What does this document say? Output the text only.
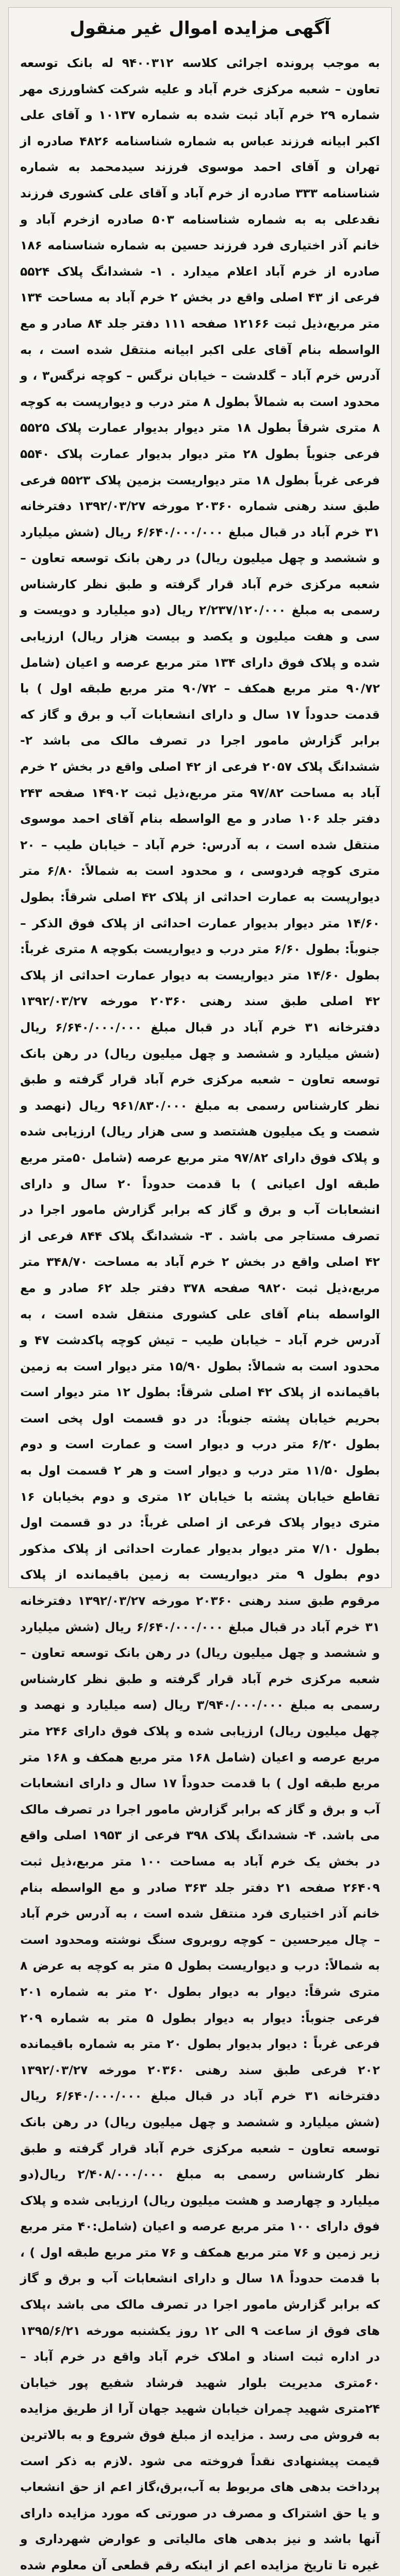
آگهی مزایده اموال غیر منقول

به موجب پرونده اجرائی کلاسه ۹۴۰۰۳۱۲ له بانک توسعه تعاون – شعبه مرکزی خرم آباد و علیه شرکت کشاورزی مهر شماره ۲۹ خرم آباد ثبت شده به شماره ۱۰۱۳۷ و آقای علی اکبر ابیانه فرزند عباس به شماره شناسنامه ۴۸۲۶ صادره از تهران و آقای احمد موسوی فرزند سیدمحمد به شماره شناسنامه ۳۳۳ صادره از خرم آباد و آقای علی کشوری فرزند نقدعلی به به شماره شناسنامه ۵۰۳ صادره ازخرم آباد و خانم آذر اختیاری فرد فرزند حسین به شماره شناسنامه ۱۸۶ صادره از خرم آباد اعلام میدارد . ۱- ششدانگ پلاک ۵۵۲۴ فرعی از ۴۳ اصلی واقع در بخش ۲ خرم آباد به مساحت ۱۳۴ متر مربع،ذیل ثبت ۱۲۱۶۶ صفحه ۱۱۱ دفتر جلد ۸۴ صادر و مع الواسطه بنام آقای علی اکبر ابیانه منتقل شده است ، به آدرس خرم آباد – گلدشت – خیابان نرگس – کوچه نرگس۳ ، و محدود است به شمالاً بطول ۸ متر درب و دیوارپست به کوچه ۸ متری شرقاً بطول ۱۸ متر دیوار بدیوار عمارت پلاک ۵۵۲۵ فرعی جنوباً بطول ۲۸ متر دیوار بدیوار عمارت پلاک ۵۵۴۰ فرعی غرباً بطول ۱۸ متر دیواریست بزمین پلاک ۵۵۲۳ فرعی طبق سند رهنی شماره ۲۰۳۶۰ مورخه ۱۳۹۲/۰۳/۲۷ دفترخانه ۳۱ خرم آباد در قبال مبلغ ۶/۶۴۰/۰۰۰/۰۰۰ ریال (شش میلیارد و ششصد و چهل میلیون ریال) در رهن بانک توسعه تعاون – شعبه مرکزی خرم آباد قرار گرفته و طبق نظر کارشناس رسمی به مبلغ ۲/۲۳۷/۱۲۰/۰۰۰ ریال (دو میلیارد و دویست و سی و هفت میلیون و یکصد و بیست هزار ریال) ارزیابی شده و پلاک فوق دارای ۱۳۴ متر مربع عرصه و اعیان (شامل ۹۰/۷۲ متر مربع همکف – ۹۰/۷۲ متر مربع طبقه اول ) با قدمت حدوداً ۱۷ سال و دارای انشعابات آب و برق و گاز که برابر گزارش مامور اجرا در تصرف مالک می باشد ۲- ششدانگ پلاک ۲۰۵۷ فرعی از ۴۲ اصلی واقع در بخش ۲ خرم آباد به مساحت ۹۷/۸۲ متر مربع،ذیل ثبت ۱۴۹۰۲ صفحه ۲۴۳ دفتر جلد ۱۰۶ صادر و مع الواسطه بنام آقای احمد موسوی منتقل شده است ، به آدرس: خرم آباد – خیابان طیب – ۲۰ متری کوچه فردوسی ، و محدود است به شمالاً: ۶/۸۰ متر دیوارپست به عمارت احداثی از پلاک ۴۲ اصلی شرقاً: بطول ۱۴/۶۰ متر دیوار بدیوار عمارت احداثی از پلاک فوق الذکر – جنوباً: بطول ۶/۶۰ متر درب و دیواریست بکوچه ۸ متری غرباً: بطول ۱۴/۶۰ متر دیواریست به دیوار عمارت احداثی از پلاک ۴۲ اصلی طبق سند رهنی ۲۰۳۶۰ مورخه ۱۳۹۲/۰۳/۲۷ دفترخانه ۳۱ خرم آباد در قبال مبلغ ۶/۶۴۰/۰۰۰/۰۰۰ ریال (شش میلیارد و ششصد و چهل میلیون ریال) در رهن بانک توسعه تعاون – شعبه مرکزی خرم آباد قرار گرفته و طبق نظر کارشناس رسمی به مبلغ ۹۶۱/۸۳۰/۰۰۰ ریال (نهصد و شصت و یک میلیون هشتصد و سی هزار ریال) ارزیابی شده و پلاک فوق دارای ۹۷/۸۲ متر مربع عرصه (شامل ۵۰متر مربع طبقه اول اعیانی ) با قدمت حدوداً ۲۰ سال و دارای انشعابات آب و برق و گاز که برابر گزارش مامور اجرا در تصرف مستاجر می باشد . ۳- ششدانگ پلاک ۸۴۴ فرعی از ۴۲ اصلی واقع در بخش ۲ خرم آباد به مساحت ۳۴۸/۷۰ متر مربع،ذیل ثبت ۹۸۲۰ صفحه ۳۷۸ دفتر جلد ۶۲ صادر و مع الواسطه بنام آقای علی کشوری منتقل شده است ، به آدرس خرم آباد – خیابان طیب – تیش کوچه پاکدشت ۴۷ و محدود است به شمالاً: بطول ۱۵/۹۰ متر دیوار است به زمین باقیمانده از پلاک ۴۲ اصلی شرقاً: بطول ۱۲ متر دیوار است بحریم خیابان پشته جنوباً: در دو قسمت اول پخی است بطول ۶/۲۰ متر درب و دیوار است و عمارت است و دوم بطول ۱۱/۵۰ متر درب و دیوار است و هر ۲ قسمت اول به تقاطع خیابان پشته با خیابان ۱۲ متری و دوم بخیابان ۱۶ متری دیوار پلاک فرعی از اصلی غرباً: در دو قسمت اول بطول ۷/۱۰ متر دیوار بدیوار عمارت احداثی از پلاک مذکور دوم بطول ۹ متر دیواریست به زمین باقیمانده از پلاک مرقوم طبق سند رهنی ۲۰۳۶۰ مورخه ۱۳۹۲/۰۳/۲۷ دفترخانه ۳۱ خرم آباد در قبال مبلغ ۶/۶۴۰/۰۰۰/۰۰۰ ریال (شش میلیارد و ششصد و چهل میلیون ریال) در رهن بانک توسعه تعاون – شعبه مرکزی خرم آباد قرار گرفته و طبق نظر کارشناس رسمی به مبلغ ۳/۹۴۰/۰۰۰/۰۰۰ ریال (سه میلیارد و نهصد و چهل میلیون ریال) ارزیابی شده و پلاک فوق دارای ۲۴۶ متر مربع عرصه و اعیان (شامل ۱۶۸ متر مربع همکف و ۱۶۸ متر مربع طبقه اول ) با قدمت حدوداً ۱۷ سال و دارای انشعابات آب و برق و گاز که برابر گزارش مامور اجرا در تصرف مالک می باشد. ۴- ششدانگ پلاک ۳۹۸ فرعی از ۱۹۵۳ اصلی واقع در بخش یک خرم آباد به مساحت ۱۰۰ متر مربع،ذیل ثبت ۲۶۴۰۹ صفحه ۲۱ دفتر جلد ۳۶۳ صادر و مع الواسطه بنام خانم آذر اختیاری فرد منتقل شده است ، به آدرس خرم آباد – چال میرحسین – کوچه روبروی سنگ نوشته ومحدود است به شمالاً: درب و دیواریست بطول ۵ متر به کوچه به عرض ۸ متری شرقاً: دیوار به دیوار بطول ۲۰ متر به شماره ۲۰۱ فرعی جنوباً: دیوار به دیوار بطول ۵ متر به شماره ۲۰۹ فرعی غرباً : دیوار بدیوار بطول ۲۰ متر به شماره باقیمانده ۲۰۲ فرعی طبق سند رهنی ۲۰۳۶۰ مورخه ۱۳۹۲/۰۳/۲۷ دفترخانه ۳۱ خرم آباد در قبال مبلغ ۶/۶۴۰/۰۰۰/۰۰۰ ریال (شش میلیارد و ششصد و چهل میلیون ریال) در رهن بانک توسعه تعاون – شعبه مرکزی خرم آباد قرار گرفته و طبق نظر کارشناس رسمی به مبلغ ۲/۴۰۸/۰۰۰/۰۰۰ ریال(دو میلیارد و چهارصد و هشت میلیون ریال) ارزیابی شده و پلاک فوق دارای ۱۰۰ متر مربع عرصه و اعیان (شامل:۴۰ متر مربع زیر زمین و ۷۶ متر مربع همکف و ۷۶ متر مربع طبقه اول ) ، با قدمت حدوداً ۱۸ سال و دارای انشعابات آب و برق و گاز که برابر گزارش مامور اجرا در تصرف مالک می باشد ،پلاک های فوق از ساعت ۹ الی ۱۲ روز یکشنبه مورخه ۱۳۹۵/۶/۲۱ در اداره ثبت اسناد و املاک خرم آباد واقع در خرم آباد – ۶۰متری مدیریت بلوار شهید فرشاد شفیع پور خیابان ۲۴متری شهید چمران خیابان شهید جهان آرا از طریق مزایده به فروش می رسد . مزایده از مبلغ فوق شروع و به بالاترین قیمت پیشنهادی نقداً فروخته می شود .لازم به ذکر است پرداخت بدهی های مربوط به آب،برق،گاز اعم از حق انشعاب و یا حق اشتراک و مصرف در صورتی که مورد مزایده دارای آنها باشد و نیز بدهی های مالیاتی و عوارض شهرداری و غیره تا تاریخ مزایده اعم از اینکه رقم قطعی آن معلوم شده
